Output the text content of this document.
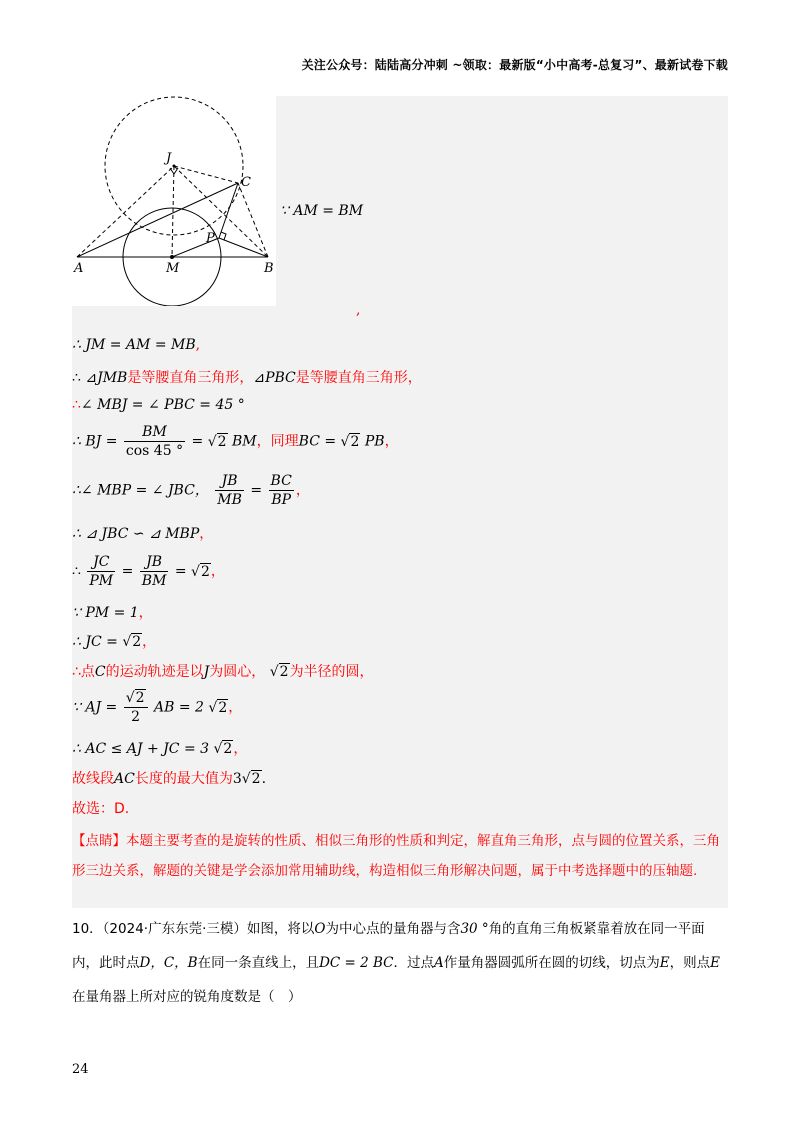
关注公众号：陆陆高分冲刺 ~领取：最新版“小中高考-总复习”、最新试卷下载
J
C
P
A	M	B
∵ AM = BM
,
∴ JM = AM = MB,
∴ ⊿JMB是等腰直角三角形，⊿PBC是等腰直角三角形，
∴∠ MBJ = ∠ PBC = 45 °
∴ BJ = $\frac{BM}{\cos 45 ^\circ} = √2$ BM，同理BC = √2 PB，
∴∠ MBP = ∠ JBC， $\frac{JB}{MB} = \frac{BC}{BP}$ ，
∴ ⊿ JBC ∽ ⊿ MBP，
∴ $\frac{JC}{PM} = \frac{JB}{BM} = √2$，
∵ PM = 1，
∴ JC = √2，
∴点C的运动轨迹是以J为圆心， √2为半径的圆，
∵ AJ = $\frac{√2}{2}$ AB = 2 √2，
∴ AC ≤ AJ + JC = 3 √2，
故线段AC长度的最大值为3√2.
故选：D.
【点睛】本题主要考查的是旋转的性质、相似三角形的性质和判定，解直角三角形，点与圆的位置关系，三角形三边关系，解题的关键是学会添加常用辅助线，构造相似三角形解决问题，属于中考选择题中的压轴题.
10．（2024·广东东莞·三模）如图，将以O为中心点的量角器与含30 °角的直角三角板紧靠着放在同一平面内，此时点D，C，B在同一条直线上，且DC = 2 BC．过点A作量角器圆弧所在圆的切线，切点为E，则点E在量角器上所对应的锐角度数是（　）
24
